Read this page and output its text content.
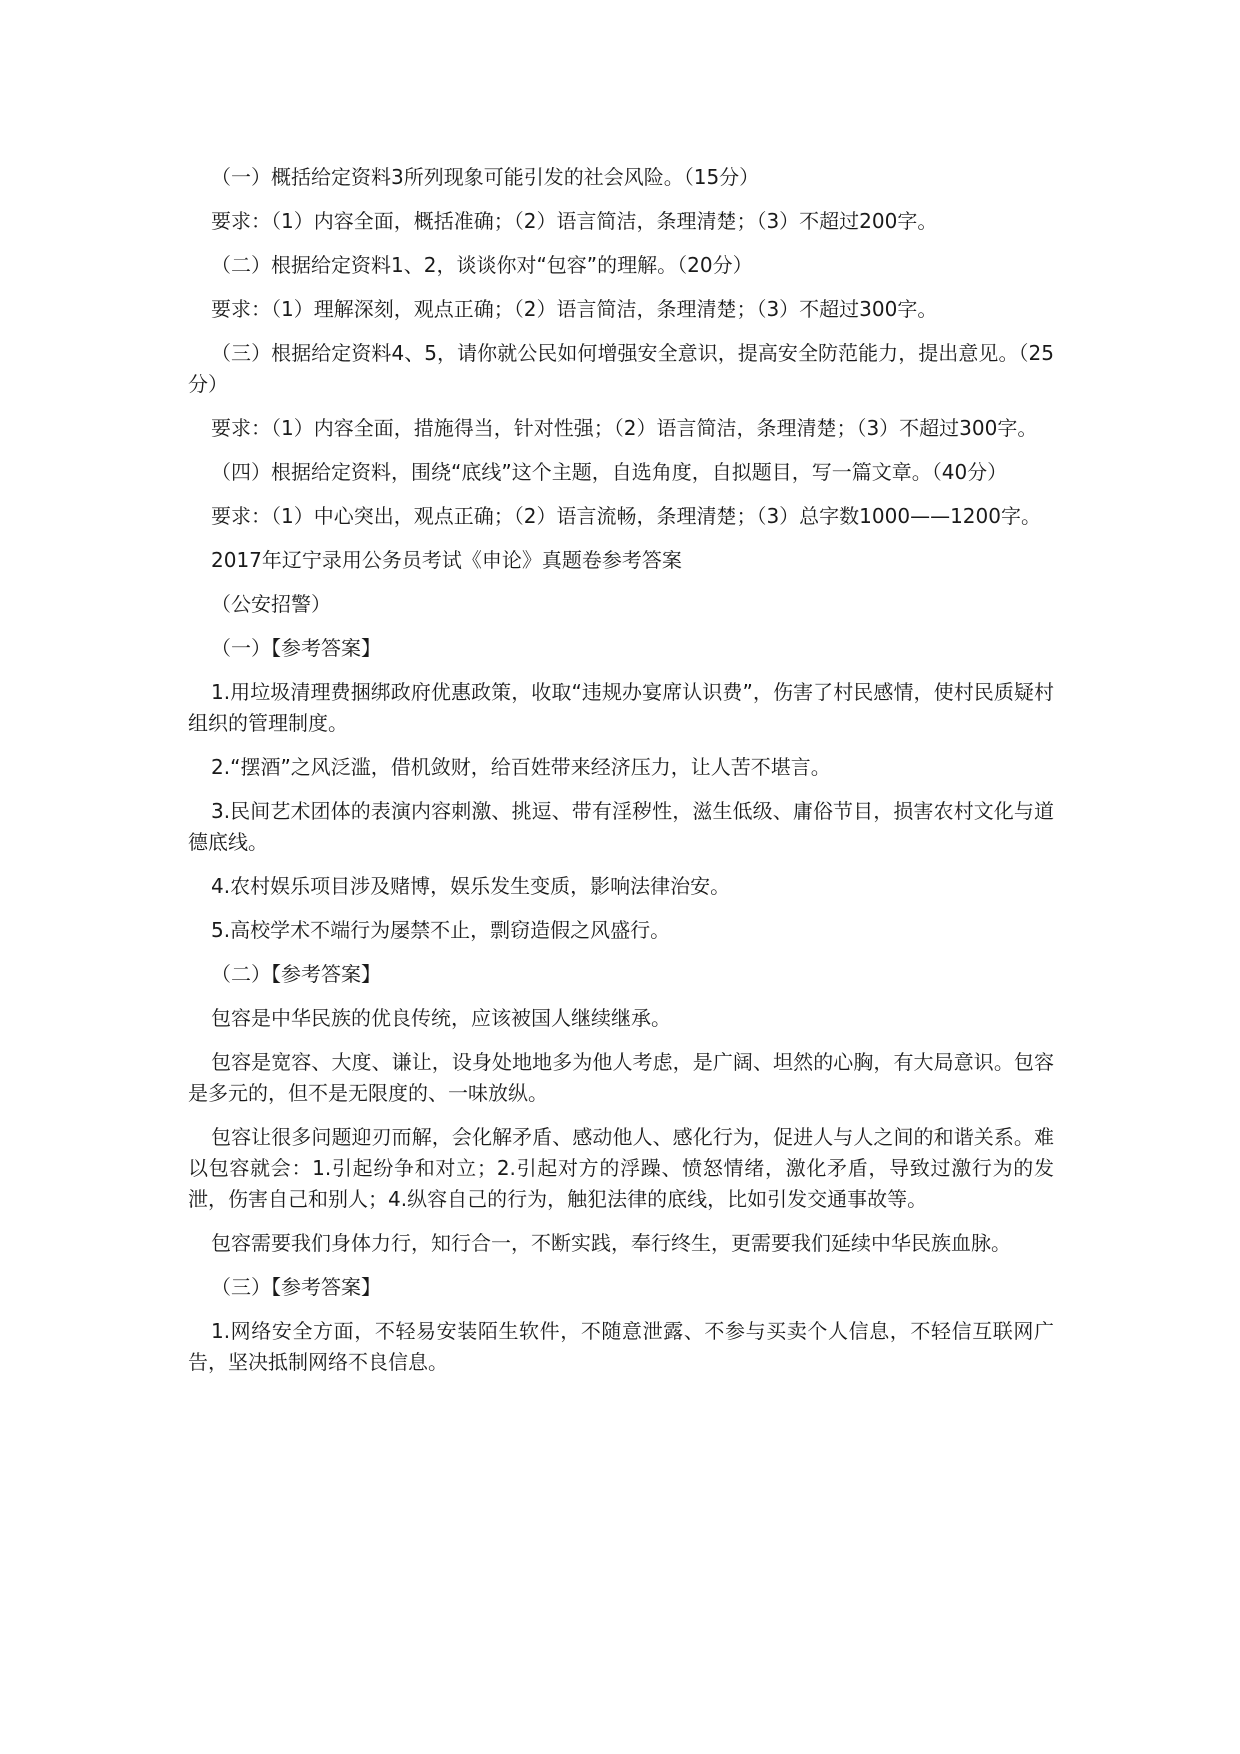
（一）概括给定资料3所列现象可能引发的社会风险。（15分）

要求：（1）内容全面，概括准确；（2）语言简洁，条理清楚；（3）不超过200字。

（二）根据给定资料1、2，谈谈你对“包容”的理解。（20分）

要求：（1）理解深刻，观点正确；（2）语言简洁，条理清楚；（3）不超过300字。

（三）根据给定资料4、5，请你就公民如何增强安全意识，提高安全防范能力，提出意见。（25分）

要求：（1）内容全面，措施得当，针对性强；（2）语言简洁，条理清楚；（3）不超过300字。

（四）根据给定资料，围绕“底线”这个主题，自选角度，自拟题目，写一篇文章。（40分）

要求：（1）中心突出，观点正确；（2）语言流畅，条理清楚；（3）总字数1000——1200字。

2017年辽宁录用公务员考试《申论》真题卷参考答案

（公安招警）

（一）【参考答案】

1.用垃圾清理费捆绑政府优惠政策，收取“违规办宴席认识费”，伤害了村民感情，使村民质疑村组织的管理制度。

2.“摆酒”之风泛滥，借机敛财，给百姓带来经济压力，让人苦不堪言。

3.民间艺术团体的表演内容刺激、挑逗、带有淫秽性，滋生低级、庸俗节目，损害农村文化与道德底线。

4.农村娱乐项目涉及赌博，娱乐发生变质，影响法律治安。

5.高校学术不端行为屡禁不止，剽窃造假之风盛行。

（二）【参考答案】

包容是中华民族的优良传统，应该被国人继续继承。

包容是宽容、大度、谦让，设身处地地多为他人考虑，是广阔、坦然的心胸，有大局意识。包容是多元的，但不是无限度的、一味放纵。

包容让很多问题迎刃而解，会化解矛盾、感动他人、感化行为，促进人与人之间的和谐关系。难以包容就会：1.引起纷争和对立；2.引起对方的浮躁、愤怒情绪，激化矛盾，导致过激行为的发泄，伤害自己和别人；4.纵容自己的行为，触犯法律的底线，比如引发交通事故等。

包容需要我们身体力行，知行合一，不断实践，奉行终生，更需要我们延续中华民族血脉。

（三）【参考答案】

1.网络安全方面，不轻易安装陌生软件，不随意泄露、不参与买卖个人信息，不轻信互联网广告，坚决抵制网络不良信息。
